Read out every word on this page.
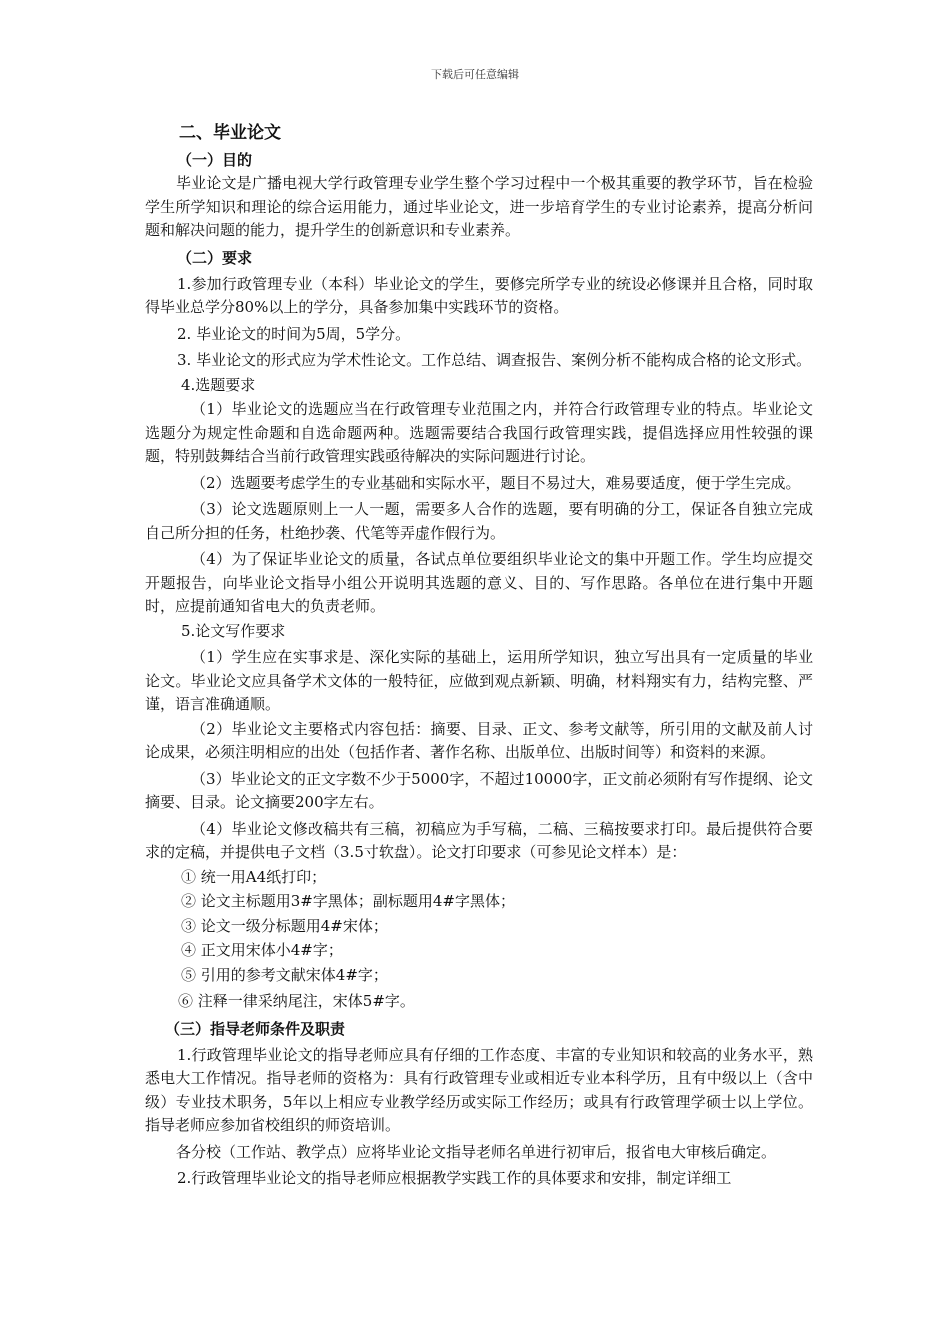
下载后可任意编辑
二、毕业论文
（一）目的

毕业论文是广播电视大学行政管理专业学生整个学习过程中一个极其重要的教学环节，旨在检验学生所学知识和理论的综合运用能力，通过毕业论文，进一步培育学生的专业讨论素养，提高分析问题和解决问题的能力，提升学生的创新意识和专业素养。

（二）要求

1.参加行政管理专业（本科）毕业论文的学生，要修完所学专业的统设必修课并且合格，同时取得毕业总学分80%以上的学分，具备参加集中实践环节的资格。

2. 毕业论文的时间为5周，5学分。

3. 毕业论文的形式应为学术性论文。工作总结、调查报告、案例分析不能构成合格的论文形式。

4.选题要求

（1）毕业论文的选题应当在行政管理专业范围之内，并符合行政管理专业的特点。毕业论文选题分为规定性命题和自选命题两种。选题需要结合我国行政管理实践，提倡选择应用性较强的课题，特别鼓舞结合当前行政管理实践亟待解决的实际问题进行讨论。

（2）选题要考虑学生的专业基础和实际水平，题目不易过大，难易要适度，便于学生完成。

（3）论文选题原则上一人一题，需要多人合作的选题，要有明确的分工，保证各自独立完成自己所分担的任务，杜绝抄袭、代笔等弄虚作假行为。

（4）为了保证毕业论文的质量，各试点单位要组织毕业论文的集中开题工作。学生均应提交开题报告，向毕业论文指导小组公开说明其选题的意义、目的、写作思路。各单位在进行集中开题时，应提前通知省电大的负责老师。

5.论文写作要求

（1）学生应在实事求是、深化实际的基础上，运用所学知识，独立写出具有一定质量的毕业论文。毕业论文应具备学术文体的一般特征，应做到观点新颖、明确，材料翔实有力，结构完整、严谨，语言准确通顺。

（2）毕业论文主要格式内容包括：摘要、目录、正文、参考文献等，所引用的文献及前人讨论成果，必须注明相应的出处（包括作者、著作名称、出版单位、出版时间等）和资料的来源。

（3）毕业论文的正文字数不少于5000字，不超过10000字，正文前必须附有写作提纲、论文摘要、目录。论文摘要200字左右。

（4）毕业论文修改稿共有三稿，初稿应为手写稿，二稿、三稿按要求打印。最后提供符合要求的定稿，并提供电子文档（3.5寸软盘）。论文打印要求（可参见论文样本）是：

① 统一用A4纸打印；
② 论文主标题用3#字黑体；副标题用4#字黑体；
③ 论文一级分标题用4#宋体；
④ 正文用宋体小4#字；
⑤ 引用的参考文献宋体4#字；
⑥ 注释一律采纳尾注，宋体5#字。
（三）指导老师条件及职责

1.行政管理毕业论文的指导老师应具有仔细的工作态度、丰富的专业知识和较高的业务水平，熟悉电大工作情况。指导老师的资格为：具有行政管理专业或相近专业本科学历，且有中级以上（含中级）专业技术职务，5年以上相应专业教学经历或实际工作经历；或具有行政管理学硕士以上学位。指导老师应参加省校组织的师资培训。

各分校（工作站、教学点）应将毕业论文指导老师名单进行初审后，报省电大审核后确定。

2.行政管理毕业论文的指导老师应根据教学实践工作的具体要求和安排，制定详细工
